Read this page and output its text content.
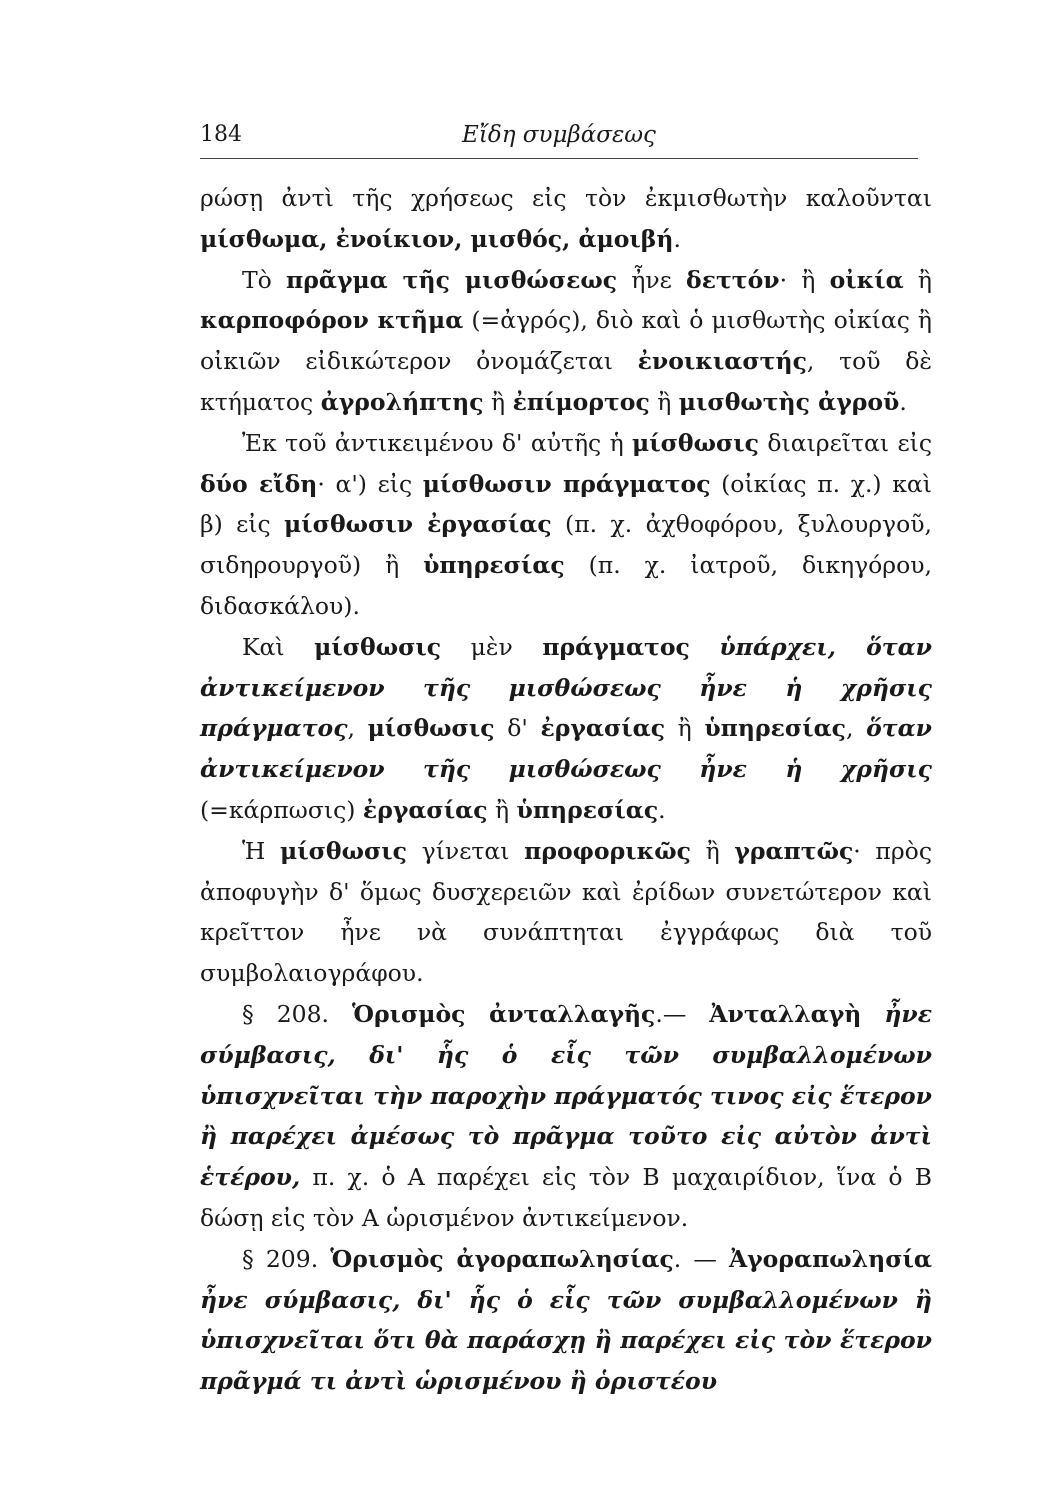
184	Εἴδη συμβάσεως

ρώσῃ ἀντὶ τῆς χρήσεως εἰς τὸν ἐκμισθωτὴν καλοῦνται μίσθωμα, ἐνοίκιον, μισθός, ἀμοιβή.

Τὸ πρᾶγμα τῆς μισθώσεως ἦνε δεττόν· ἢ οἰκία ἢ καρποφόρον κτῆμα (=ἀγρός), διὸ καὶ ὁ μισθωτὴς οἰκίας ἢ οἰκιῶν εἰδικώτερον ὀνομάζεται ἐνοικιαστής, τοῦ δὲ κτήματος ἀγρολήπτης ἢ ἐπίμορτος ἢ μισθωτὴς ἀγροῦ.

Ἐκ τοῦ ἀντικειμένου δ' αὐτῆς ἡ μίσθωσις διαιρεῖται εἰς δύο εἴδη· α') εἰς μίσθωσιν πράγματος (οἰκίας π. χ.) καὶ β) εἰς μίσθωσιν ἐργασίας (π. χ. ἀχθοφόρου, ξυλουργοῦ, σιδηρουργοῦ) ἢ ὑπηρεσίας (π. χ. ἰατροῦ, δικηγόρου, διδασκάλου).

Καὶ μίσθωσις μὲν πράγματος ὑπάρχει, ὅταν ἀντικείμενον τῆς μισθώσεως ἦνε ἡ χρῆσις πράγματος, μίσθωσις δ' ἐργασίας ἢ ὑπηρεσίας, ὅταν ἀντικείμενον τῆς μισθώσεως ἦνε ἡ χρῆσις (=κάρπωσις) ἐργασίας ἢ ὑπηρεσίας.

Ἡ μίσθωσις γίνεται προφορικῶς ἢ γραπτῶς· πρὸς ἀποφυγὴν δ' ὅμως δυσχερειῶν καὶ ἐρίδων συνετώτερον καὶ κρεῖττον ἦνε νὰ συνάπτηται ἐγγράφως διὰ τοῦ συμβολαιογράφου.

§ 208. Ὁρισμὸς ἀνταλλαγῆς.— Ἀνταλλαγὴ ἦνε σύμβασις, δι' ἧς ὁ εἷς τῶν συμβαλλομένων ὑπισχνεῖται τὴν παροχὴν πράγματός τινος εἰς ἕτερον ἢ παρέχει ἀμέσως τὸ πρᾶγμα τοῦτο εἰς αὐτὸν ἀντὶ ἑτέρου, π. χ. ὁ Α παρέχει εἰς τὸν Β μαχαιρίδιον, ἵνα ὁ Β δώσῃ εἰς τὸν Α ὡρισμένον ἀντικείμενον.

§ 209. Ὁρισμὸς ἀγοραπωλησίας. — Ἀγοραπωλησία ἦνε σύμβασις, δι' ἧς ὁ εἷς τῶν συμβαλλομένων ἢ ὑπισχνεῖται ὅτι θὰ παράσχῃ ἢ παρέχει εἰς τὸν ἕτερον πρᾶγμά τι ἀντὶ ὡρισμένου ἢ ὁριστέου
